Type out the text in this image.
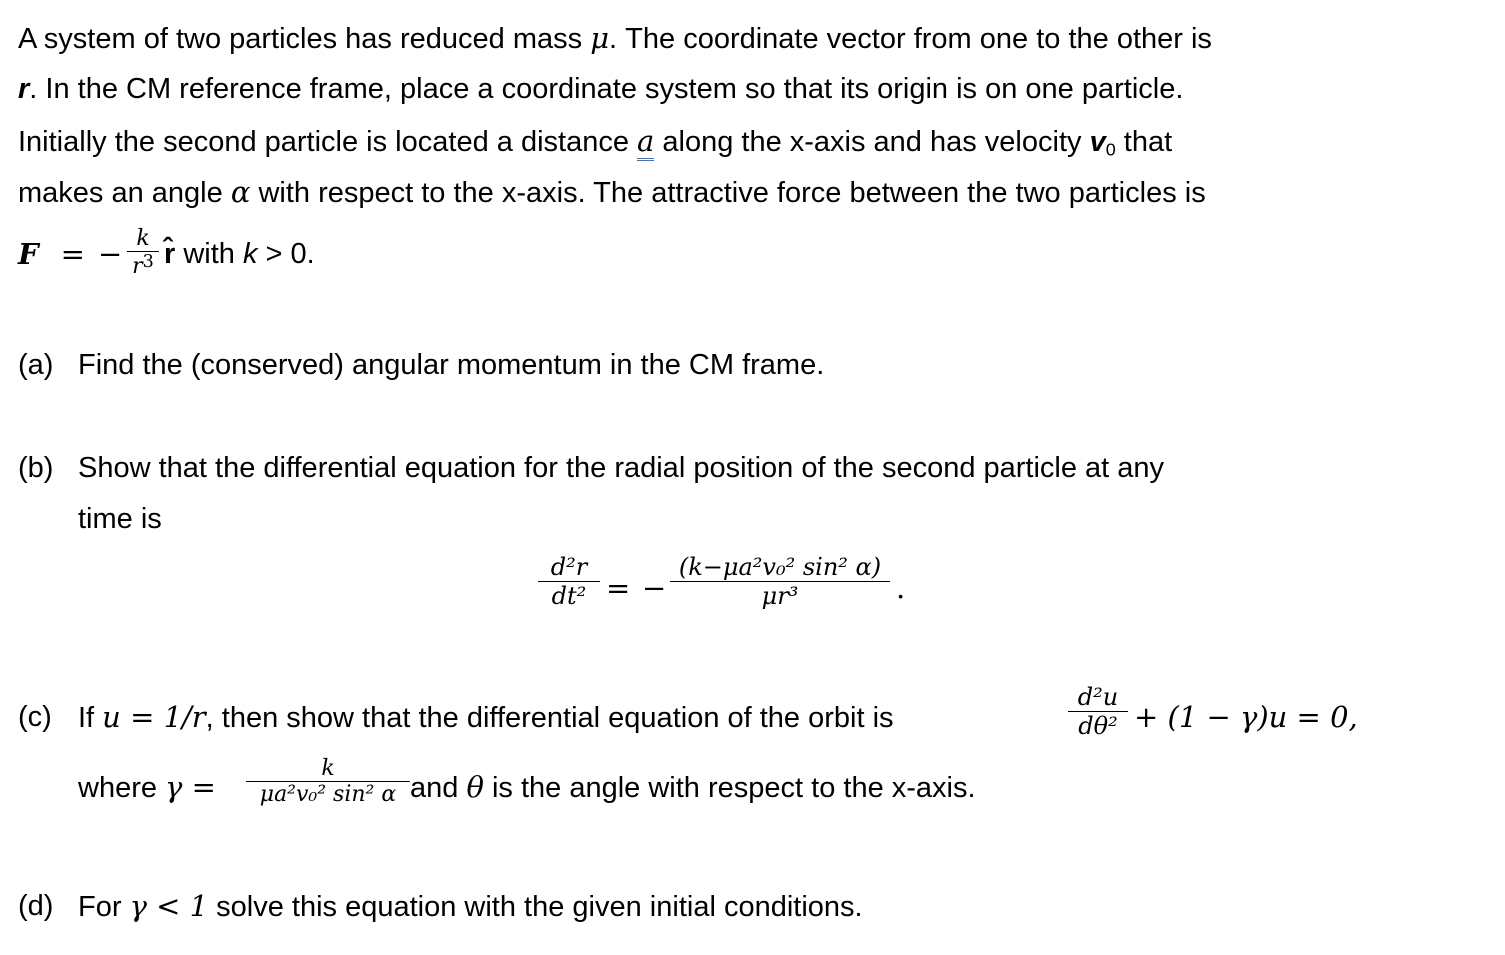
A system of two particles has reduced mass μ. The coordinate vector from one to the other is
r. In the CM reference frame, place a coordinate system so that its origin is on one particle.
Initially the second particle is located a distance a along the x-axis and has velocity $v_0$ that
makes an angle α with respect to the x-axis. The attractive force between the two particles is
F = − k
$r^3$ r̂ with k > 0.
(a) Find the (conserved) angular momentum in the CM frame.
(b) Show that the differential equation for the radial position of the second particle at any
time is
d²r
dt² = −
(k−μa²v₀² sin² α)
μr³	.
(c) If u = 1/r, then show that the differential equation of the orbit is
d²u
dθ² + (1 − γ)u = 0,
where γ =
k
μa²v₀² sin² α and θ is the angle with respect to the x-axis.
(d) For γ < 1 solve this equation with the given initial conditions.
